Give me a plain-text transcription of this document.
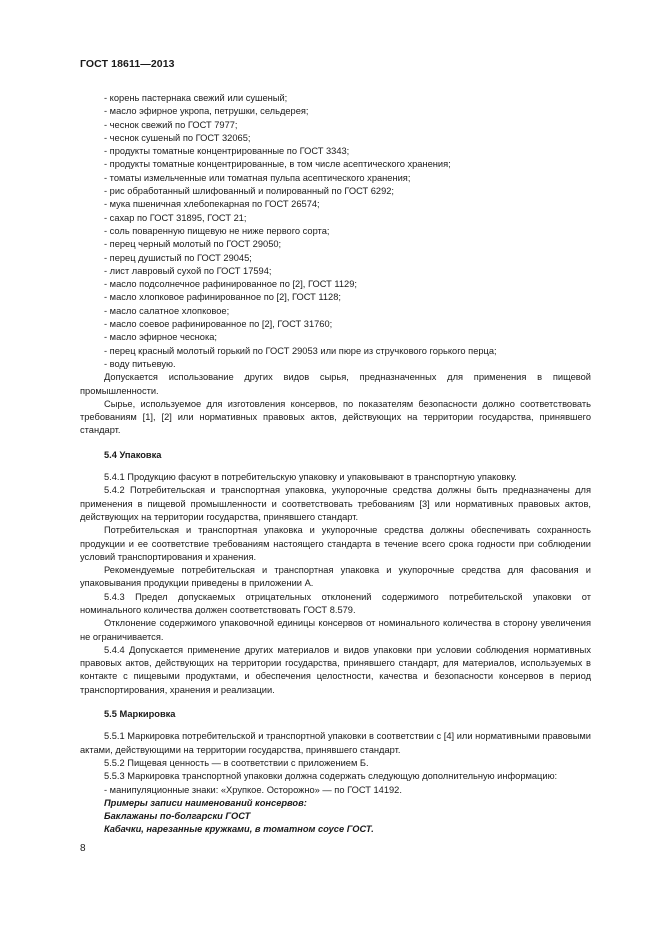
ГОСТ 18611—2013
- корень пастернака свежий или сушеный;
- масло эфирное укропа, петрушки, сельдерея;
- чеснок свежий по ГОСТ 7977;
- чеснок сушеный по ГОСТ 32065;
- продукты томатные концентрированные по ГОСТ 3343;
- продукты томатные концентрированные, в том числе асептического хранения;
- томаты измельченные или томатная пульпа асептического хранения;
- рис обработанный шлифованный и полированный по ГОСТ 6292;
- мука пшеничная хлебопекарная по ГОСТ 26574;
- сахар по ГОСТ 31895, ГОСТ 21;
- соль поваренную пищевую не ниже первого сорта;
- перец черный молотый по ГОСТ 29050;
- перец душистый по ГОСТ 29045;
- лист лавровый сухой по ГОСТ 17594;
- масло подсолнечное рафинированное по [2], ГОСТ 1129;
- масло хлопковое рафинированное по [2], ГОСТ 1128;
- масло салатное хлопковое;
- масло соевое рафинированное по [2], ГОСТ 31760;
- масло эфирное чеснока;
- перец красный молотый горький по ГОСТ 29053 или пюре из стручкового горького перца;
- воду питьевую.
Допускается использование других видов сырья, предназначенных для применения в пищевой промышленности.
Сырье, используемое для изготовления консервов, по показателям безопасности должно соответствовать требованиям [1], [2] или нормативных правовых актов, действующих на территории государства, принявшего стандарт.
5.4 Упаковка
5.4.1 Продукцию фасуют в потребительскую упаковку и упаковывают в транспортную упаковку.
5.4.2 Потребительская и транспортная упаковка, укупорочные средства должны быть предназначены для применения в пищевой промышленности и соответствовать требованиям [3] или нормативных правовых актов, действующих на территории государства, принявшего стандарт.
Потребительская и транспортная упаковка и укупорочные средства должны обеспечивать сохранность продукции и ее соответствие требованиям настоящего стандарта в течение всего срока годности при соблюдении условий транспортирования и хранения.
Рекомендуемые потребительская и транспортная упаковка и укупорочные средства для фасования и упаковывания продукции приведены в приложении А.
5.4.3 Предел допускаемых отрицательных отклонений содержимого потребительской упаковки от номинального количества должен соответствовать ГОСТ 8.579.
Отклонение содержимого упаковочной единицы консервов от номинального количества в сторону увеличения не ограничивается.
5.4.4 Допускается применение других материалов и видов упаковки при условии соблюдения нормативных правовых актов, действующих на территории государства, принявшего стандарт, для материалов, используемых в контакте с пищевыми продуктами, и обеспечения целостности, качества и безопасности консервов в период транспортирования, хранения и реализации.
5.5 Маркировка
5.5.1 Маркировка потребительской и транспортной упаковки в соответствии с [4] или нормативными правовыми актами, действующими на территории государства, принявшего стандарт.
5.5.2 Пищевая ценность — в соответствии с приложением Б.
5.5.3 Маркировка транспортной упаковки должна содержать следующую дополнительную информацию:
- манипуляционные знаки: «Хрупкое. Осторожно» — по ГОСТ 14192.
Примеры записи наименований консервов:
Баклажаны по-болгарски ГОСТ
Кабачки, нарезанные кружками, в томатном соусе ГОСТ.
8
